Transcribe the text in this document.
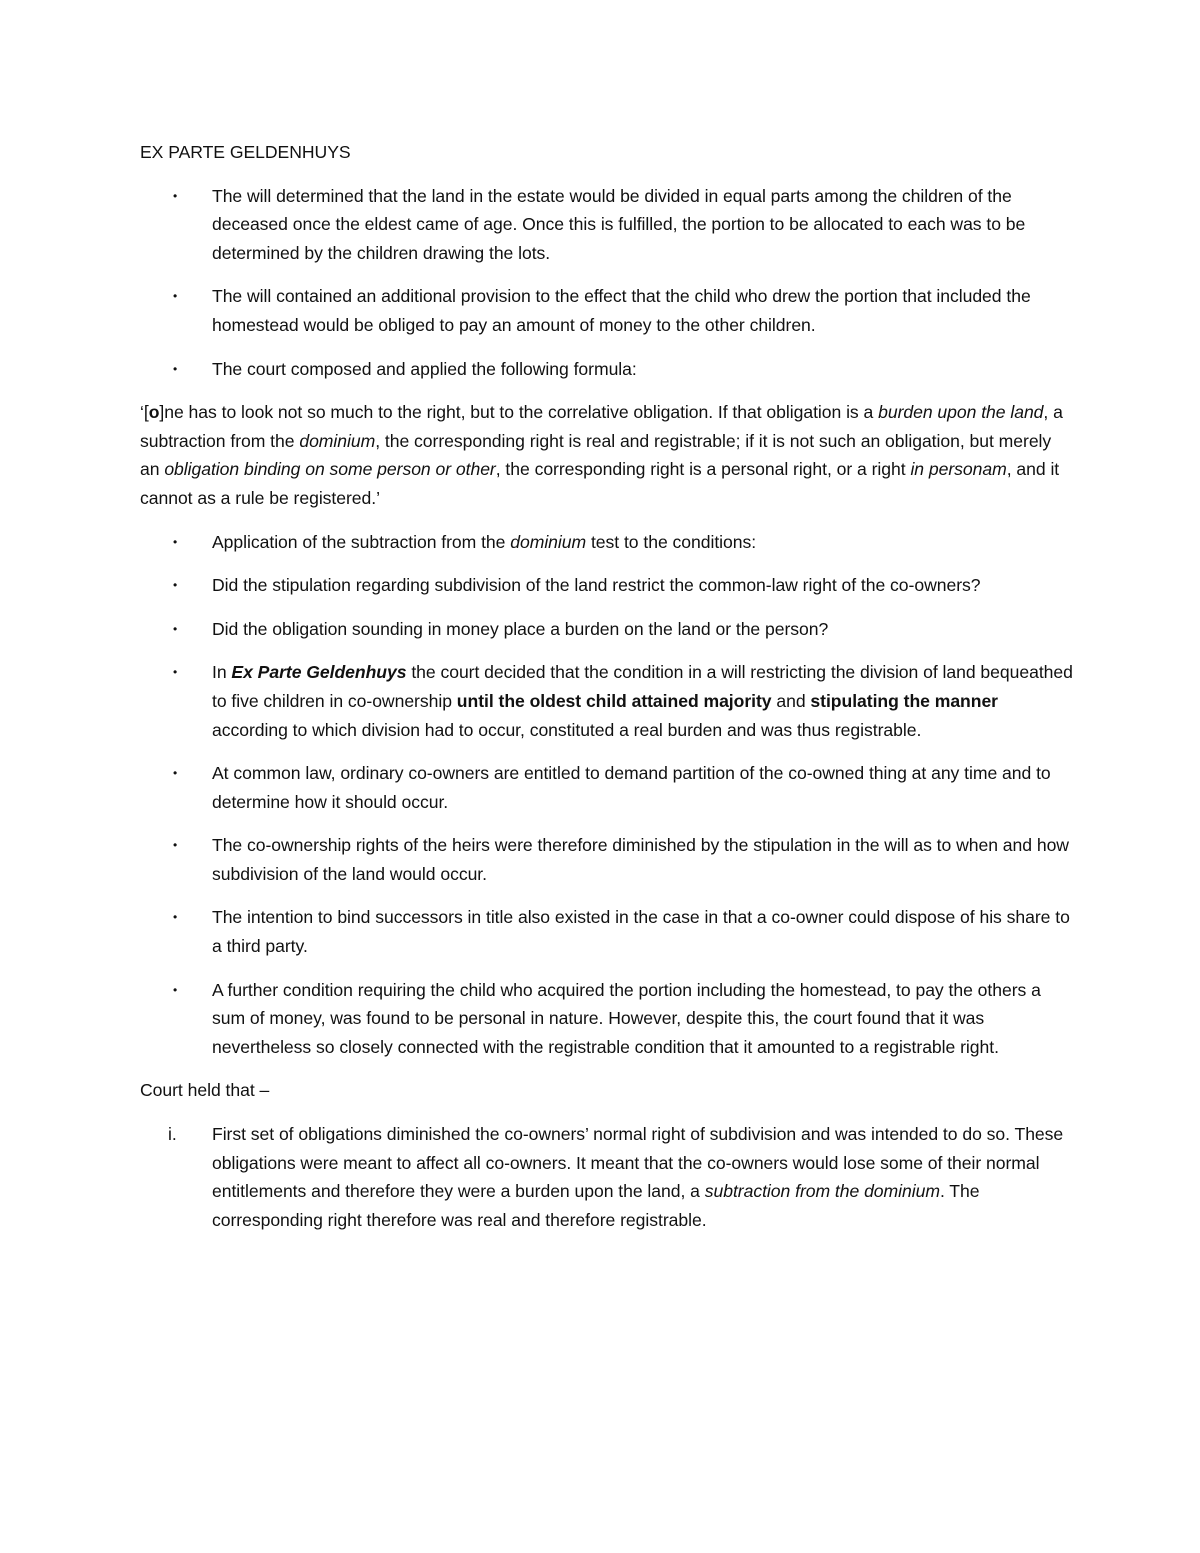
EX PARTE GELDENHUYS
• The will determined that the land in the estate would be divided in equal parts among the children of the deceased once the eldest came of age. Once this is fulfilled, the portion to be allocated to each was to be determined by the children drawing the lots.
• The will contained an additional provision to the effect that the child who drew the portion that included the homestead would be obliged to pay an amount of money to the other children.
• The court composed and applied the following formula:

‘[o]ne has to look not so much to the right, but to the correlative obligation. If that obligation is a burden upon the land, a subtraction from the dominium, the corresponding right is real and registrable; if it is not such an obligation, but merely an obligation binding on some person or other, the corresponding right is a personal right, or a right in personam, and it cannot as a rule be registered.’

• Application of the subtraction from the dominium test to the conditions:
• Did the stipulation regarding subdivision of the land restrict the common-law right of the co-owners?
• Did the obligation sounding in money place a burden on the land or the person?
• In Ex Parte Geldenhuys the court decided that the condition in a will restricting the division of land bequeathed to five children in co-ownership until the oldest child attained majority and stipulating the manner according to which division had to occur, constituted a real burden and was thus registrable.
• At common law, ordinary co-owners are entitled to demand partition of the co-owned thing at any time and to determine how it should occur.
• The co-ownership rights of the heirs were therefore diminished by the stipulation in the will as to when and how subdivision of the land would occur.
• The intention to bind successors in title also existed in the case in that a co-owner could dispose of his share to a third party.
• A further condition requiring the child who acquired the portion including the homestead, to pay the others a sum of money, was found to be personal in nature. However, despite this, the court found that it was nevertheless so closely connected with the registrable condition that it amounted to a registrable right.

Court held that –

i. First set of obligations diminished the co-owners’ normal right of subdivision and was intended to do so. These obligations were meant to affect all co-owners. It meant that the co-owners would lose some of their normal entitlements and therefore they were a burden upon the land, a subtraction from the dominium. The corresponding right therefore was real and therefore registrable.
